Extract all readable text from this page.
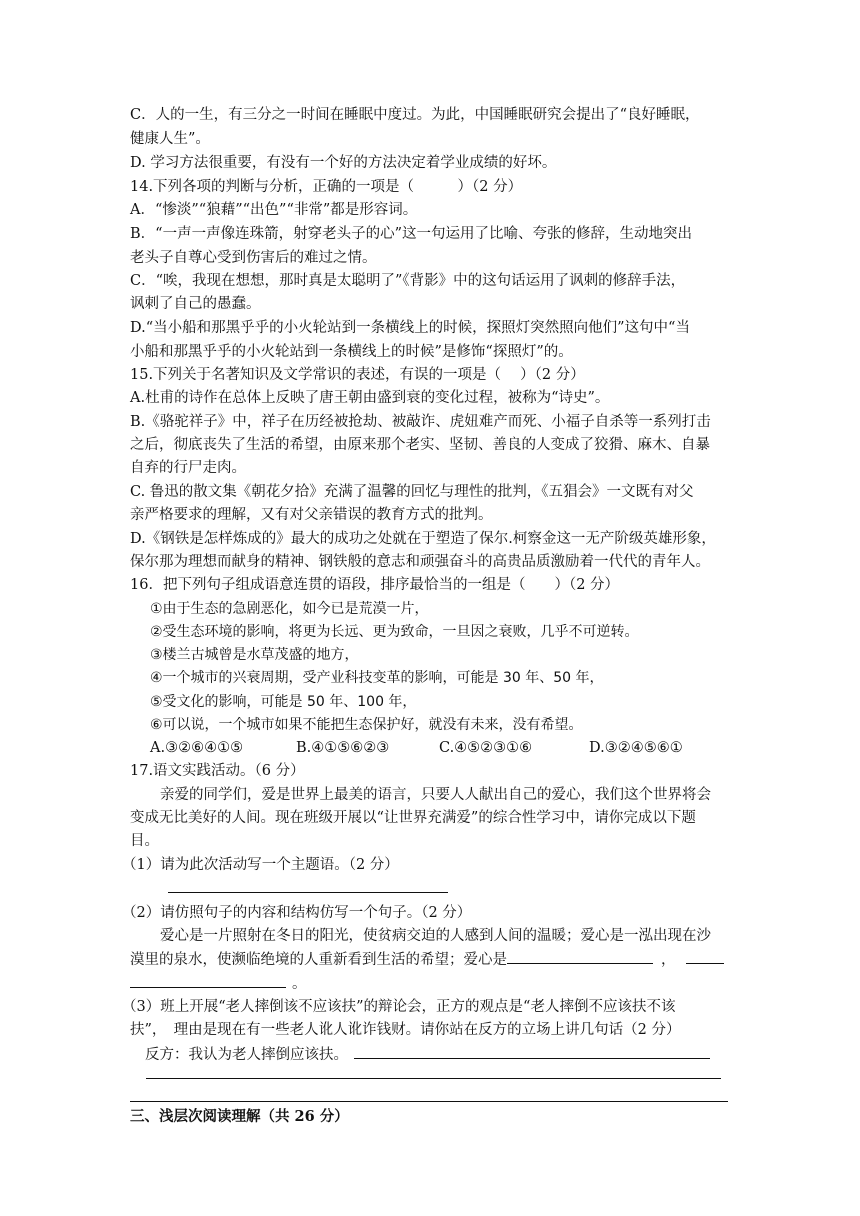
C．人的一生，有三分之一时间在睡眠中度过。为此，中国睡眠研究会提出了“良好睡眠，
健康人生”。
D. 学习方法很重要，有没有一个好的方法决定着学业成绩的好坏。
14.下列各项的判断与分析，正确的一项是（　　　）（2 分）
A．“惨淡”“狼藉”“出色”“非常”都是形容词。
B．“一声一声像连珠箭，射穿老头子的心”这一句运用了比喻、夸张的修辞，生动地突出
老头子自尊心受到伤害后的难过之情。
C．“唉，我现在想想，那时真是太聪明了”《背影》中的这句话运用了讽刺的修辞手法，
讽刺了自己的愚蠢。
D.“当小船和那黑乎乎的小火轮站到一条横线上的时候，探照灯突然照向他们”这句中“当
小船和那黑乎乎的小火轮站到一条横线上的时候”是修饰“探照灯”的。
15.下列关于名著知识及文学常识的表述，有误的一项是（　 ）（2 分）
A.杜甫的诗作在总体上反映了唐王朝由盛到衰的变化过程，被称为“诗史”。
B.《骆驼祥子》中，祥子在历经被抢劫、被敲诈、虎妞难产而死、小福子自杀等一系列打击
之后，彻底丧失了生活的希望，由原来那个老实、坚韧、善良的人变成了狡猾、麻木、自暴
自弃的行尸走肉。
C. 鲁迅的散文集《朝花夕拾》充满了温馨的回忆与理性的批判，《五猖会》一文既有对父
亲严格要求的理解，又有对父亲错误的教育方式的批判。
D.《钢铁是怎样炼成的》最大的成功之处就在于塑造了保尔.柯察金这一无产阶级英雄形象，
保尔那为理想而献身的精神、钢铁般的意志和顽强奋斗的高贵品质激励着一代代的青年人。
16．把下列句子组成语意连贯的语段，排序最恰当的一组是（　　）（2 分）
①由于生态的急剧恶化，如今已是荒漠一片，
②受生态环境的影响，将更为长远、更为致命，一旦因之衰败，几乎不可逆转。
③楼兰古城曾是水草茂盛的地方，
④一个城市的兴衰周期，受产业科技变革的影响，可能是 30 年、50 年，
⑤受文化的影响，可能是 50 年、100 年，
⑥可以说，一个城市如果不能把生态保护好，就没有未来，没有希望。
A.③②⑥④①⑤	B.④①⑤⑥②③	C.④⑤②③①⑥	D.③②④⑤⑥①
17.语文实践活动。（6 分）
亲爱的同学们，爱是世界上最美的语言，只要人人献出自己的爱心，我们这个世界将会
变成无比美好的人间。现在班级开展以“让世界充满爱”的综合性学习中，请你完成以下题
目。
（1）请为此次活动写一个主题语。（2 分）
（2）请仿照句子的内容和结构仿写一个句子。（2 分）
爱心是一片照射在冬日的阳光，使贫病交迫的人感到人间的温暖；爱心是一泓出现在沙
漠里的泉水，使濒临绝境的人重新看到生活的希望；爱心是	，
。
（3）班上开展“老人摔倒该不应该扶”的辩论会，正方的观点是“老人摔倒不应该扶不该
扶”，　理由是现在有一些老人讹人讹诈钱财。请你站在反方的立场上讲几句话（2 分）
反方：我认为老人摔倒应该扶。
三、浅层次阅读理解（共 26 分）
